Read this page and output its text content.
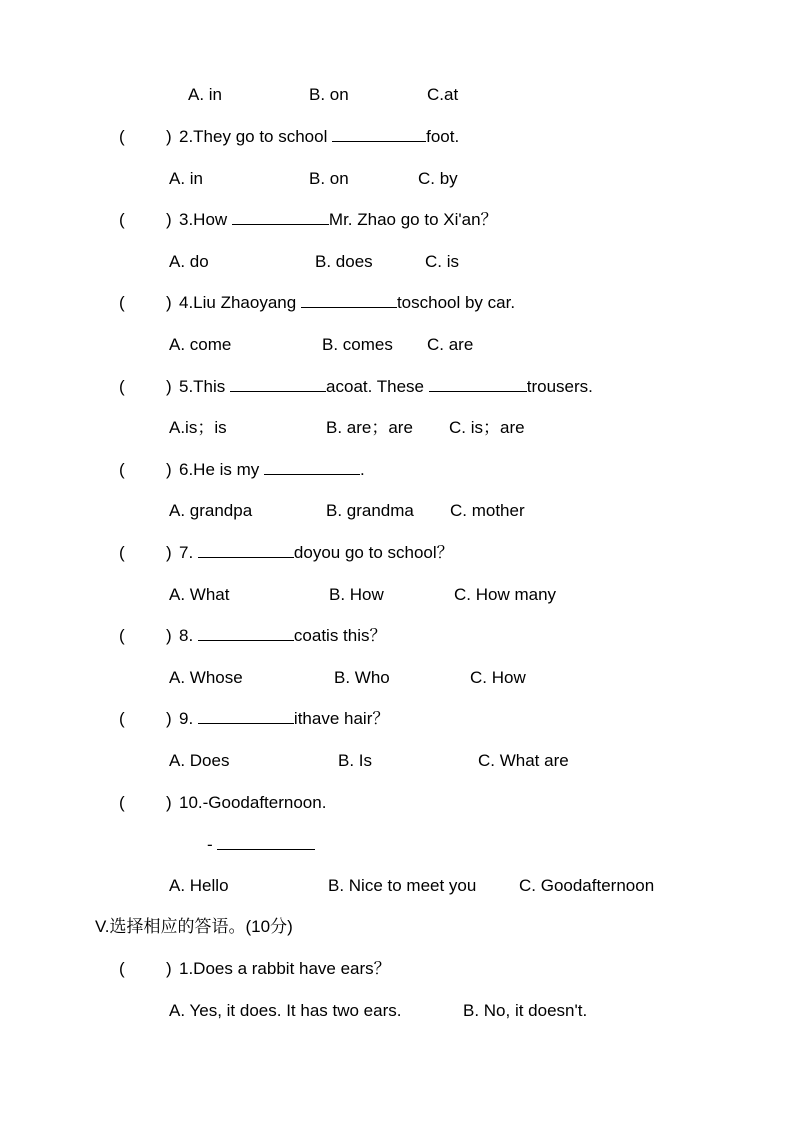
A. in	B. on	C.at
( ) 2.They go to school	foot.
A. in	B. on	C. by
( ) 3.How	Mr. Zhao go to Xi'an？
A. do	B. does	C. is
( ) 4.Liu Zhaoyang	toschool by car.
A. come	B. comes C. are
( ) 5.This	acoat. These	trousers.
A.is；is	B. are；are C. is；are
( ) 6.He is my	.
A. grandpa	B. grandma C. mother
( ) 7.	doyou go to school？
A. What	B. How	C. How many
( ) 8.	coatis this？
A. Whose	B. Who	C. How
( ) 9.	ithave hair？
A. Does	B. Is	C. What are
( ) 10.-Goodafternoon.
-
A. Hello	B. Nice to meet you	C. Goodafternoon
V.选择相应的答语。(10分)
( ) 1.Does a rabbit have ears？
A. Yes, it does. It has two ears.	B. No, it doesn't.
